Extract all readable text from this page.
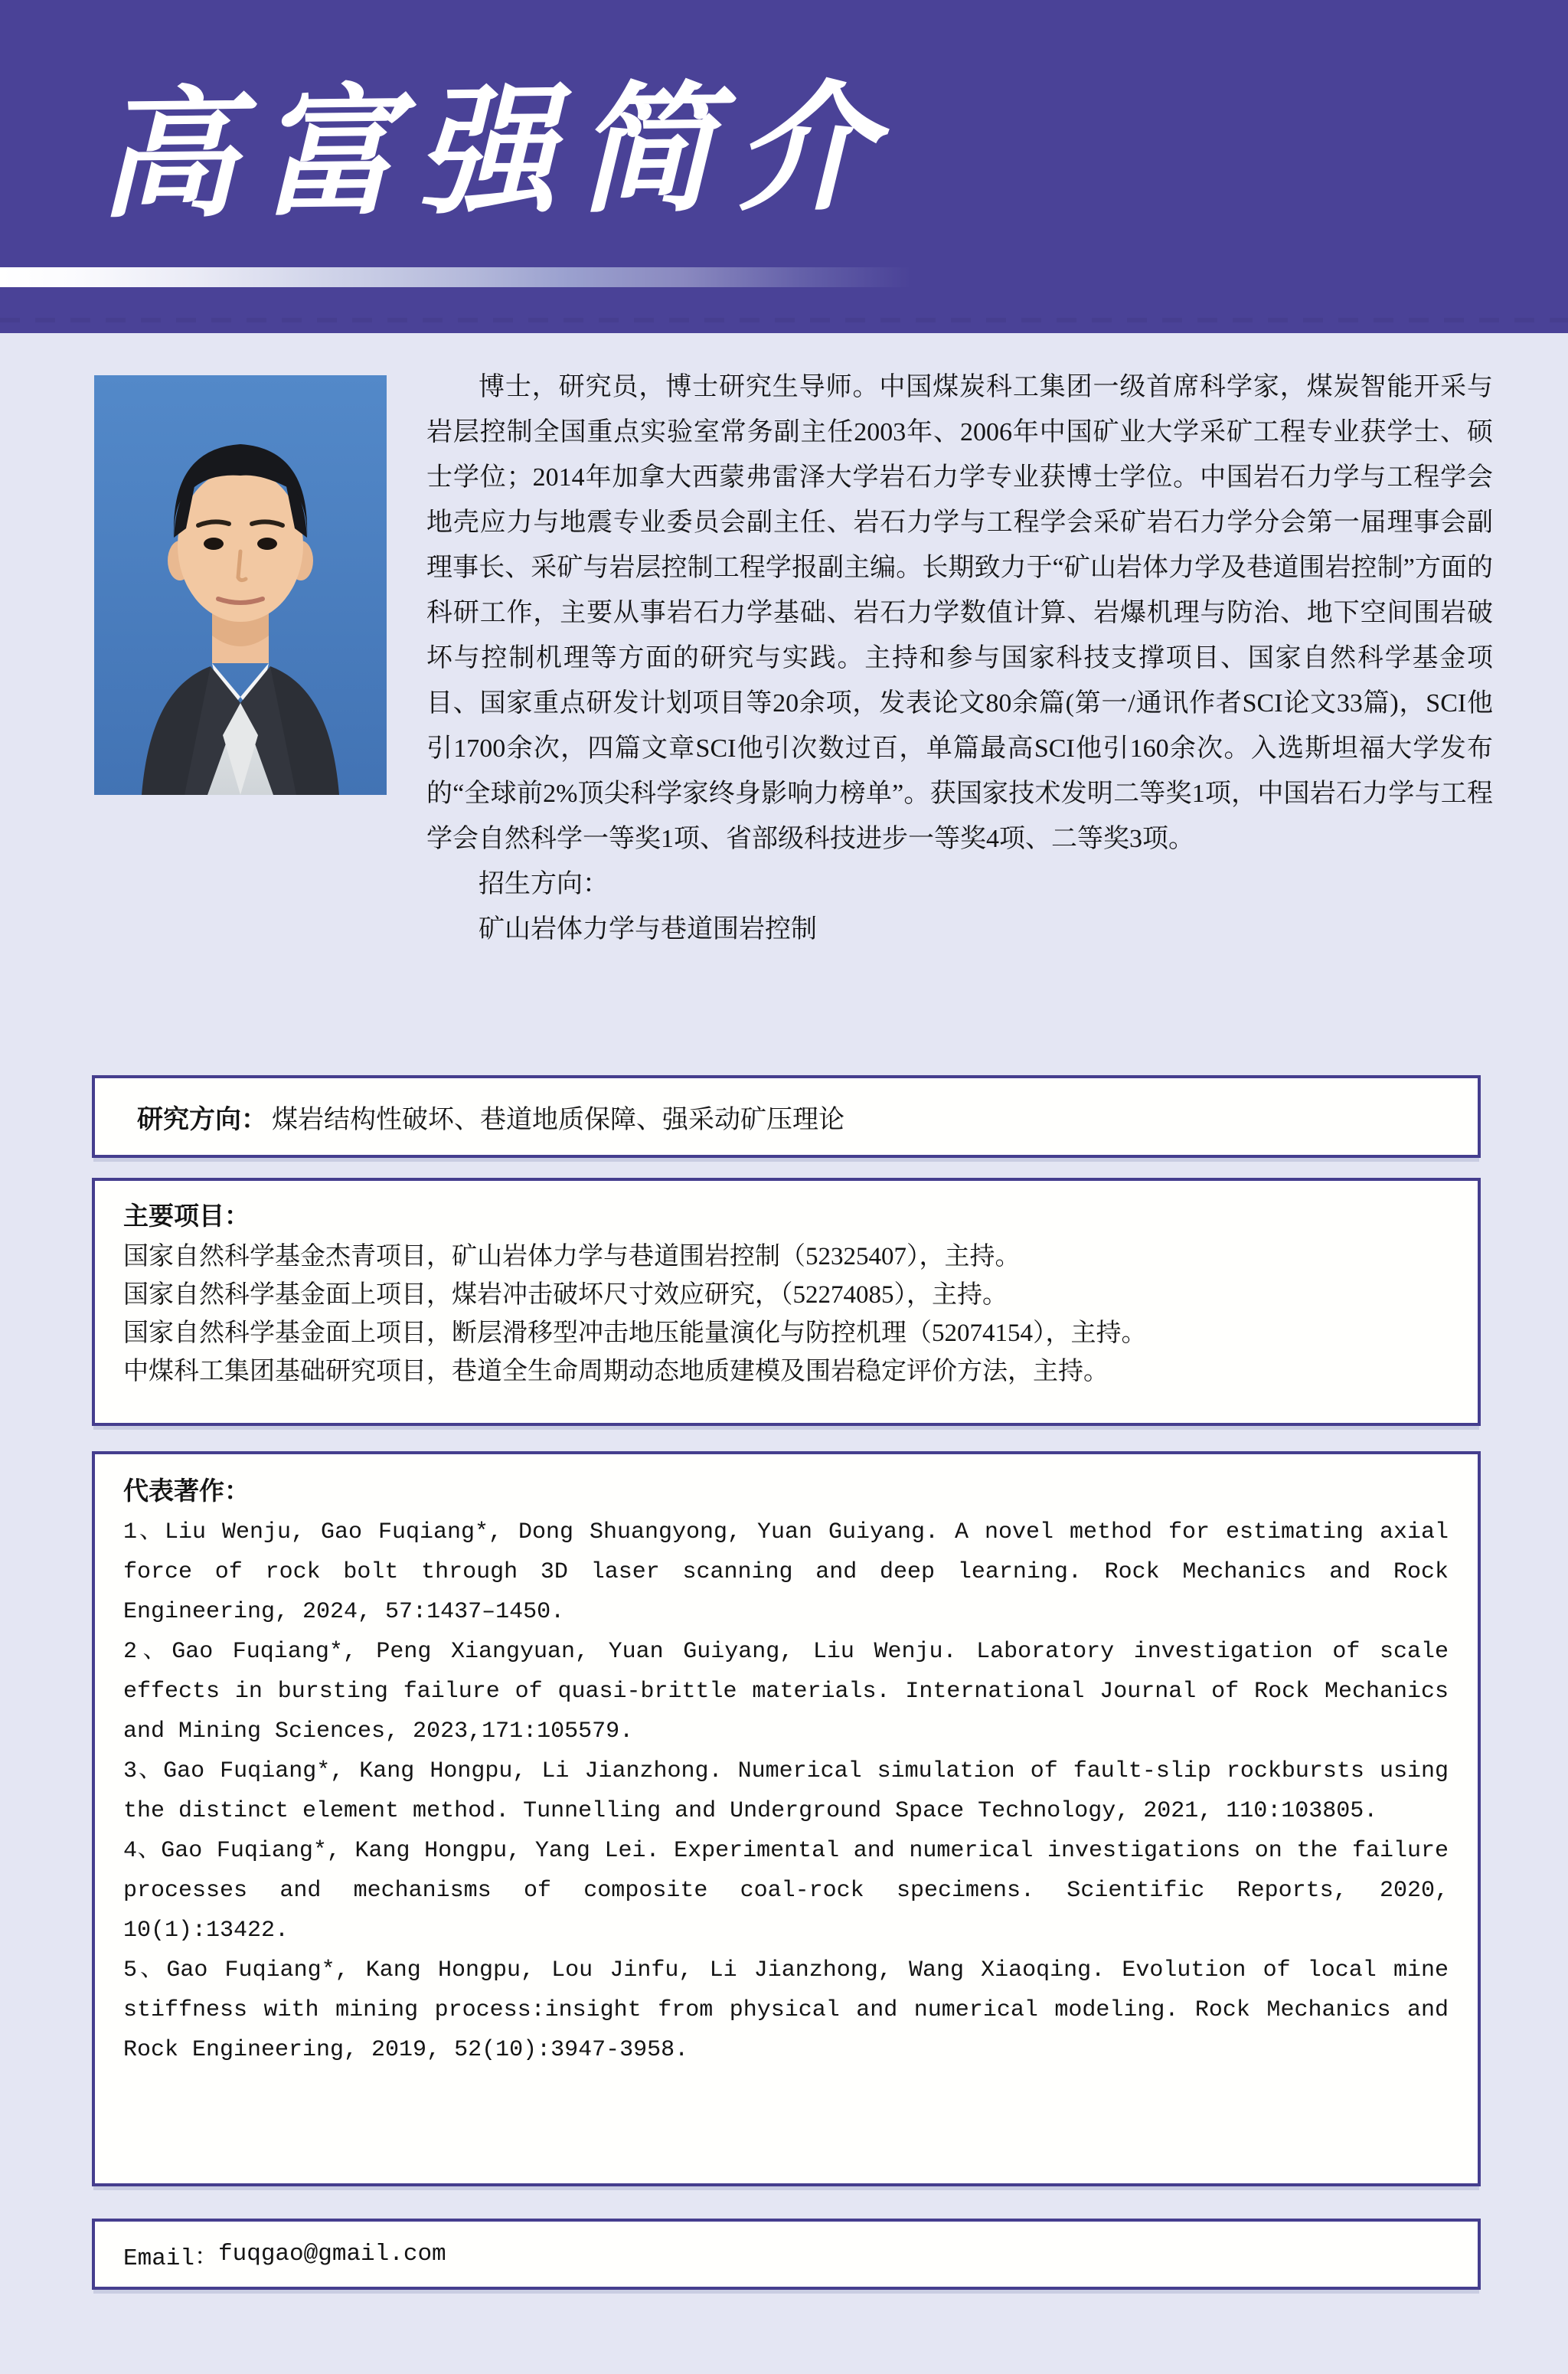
高富强简介

博士，研究员，博士研究生导师。中国煤炭科工集团一级首席科学家，煤炭智能开采与岩层控制全国重点实验室常务副主任2003年、2006年中国矿业大学采矿工程专业获学士、硕士学位；2014年加拿大西蒙弗雷泽大学岩石力学专业获博士学位。中国岩石力学与工程学会地壳应力与地震专业委员会副主任、岩石力学与工程学会采矿岩石力学分会第一届理事会副理事长、采矿与岩层控制工程学报副主编。长期致力于“矿山岩体力学及巷道围岩控制”方面的科研工作，主要从事岩石力学基础、岩石力学数值计算、岩爆机理与防治、地下空间围岩破坏与控制机理等方面的研究与实践。主持和参与国家科技支撑项目、国家自然科学基金项目、国家重点研发计划项目等20余项，发表论文80余篇(第一/通讯作者SCI论文33篇)，SCI他引1700余次，四篇文章SCI他引次数过百，单篇最高SCI他引160余次。入选斯坦福大学发布的“全球前2%顶尖科学家终身影响力榜单”。获国家技术发明二等奖1项，中国岩石力学与工程学会自然科学一等奖1项、省部级科技进步一等奖4项、二等奖3项。

招生方向：

矿山岩体力学与巷道围岩控制

研究方向： 煤岩结构性破坏、巷道地质保障、强采动矿压理论
主要项目：

国家自然科学基金杰青项目，矿山岩体力学与巷道围岩控制（52325407），主持。

国家自然科学基金面上项目，煤岩冲击破坏尺寸效应研究，（52274085），主持。

国家自然科学基金面上项目，断层滑移型冲击地压能量演化与防控机理（52074154），主持。

中煤科工集团基础研究项目，巷道全生命周期动态地质建模及围岩稳定评价方法，主持。

代表著作：

1、Liu Wenju, Gao Fuqiang*, Dong Shuangyong, Yuan Guiyang. A novel method for estimating axial force of rock bolt through 3D laser scanning and deep learning. Rock Mechanics and Rock Engineering, 2024, 57:1437–1450.

2、Gao Fuqiang*, Peng Xiangyuan, Yuan Guiyang, Liu Wenju. Laboratory investigation of scale effects in bursting failure of quasi-brittle materials. International Journal of Rock Mechanics and Mining Sciences, 2023,171:105579.

3、Gao Fuqiang*, Kang Hongpu, Li Jianzhong. Numerical simulation of fault-slip rockbursts using the distinct element method. Tunnelling and Underground Space Technology, 2021, 110:103805.

4、Gao Fuqiang*, Kang Hongpu, Yang Lei. Experimental and numerical investigations on the failure processes and mechanisms of composite coal-rock specimens. Scientific Reports, 2020, 10(1):13422.

5、Gao Fuqiang*, Kang Hongpu, Lou Jinfu, Li Jianzhong, Wang Xiaoqing. Evolution of local mine stiffness with mining process:insight from physical and numerical modeling. Rock Mechanics and Rock Engineering, 2019, 52(10):3947-3958.

Email： fuqgao@gmail.com
